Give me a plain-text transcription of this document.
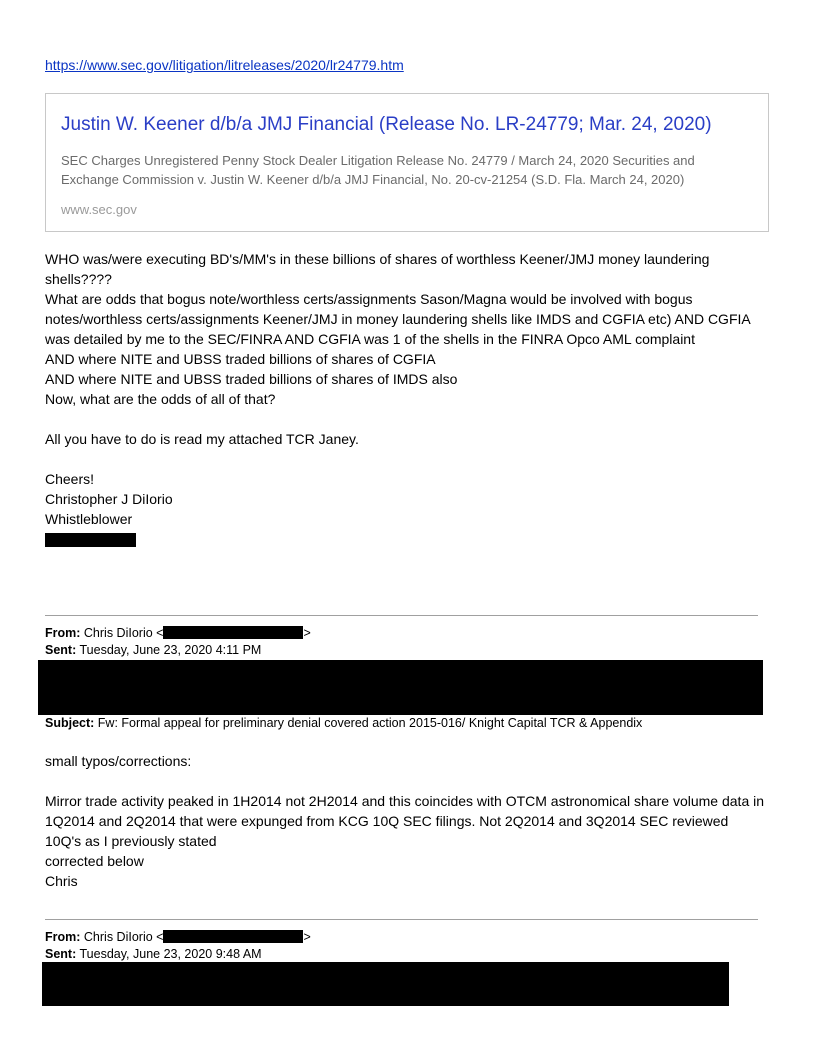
https://www.sec.gov/litigation/litreleases/2020/lr24779.htm
Justin W. Keener d/b/a JMJ Financial (Release No. LR-24779; Mar. 24, 2020)
SEC Charges Unregistered Penny Stock Dealer Litigation Release No. 24779 / March 24, 2020 Securities and Exchange Commission v. Justin W. Keener d/b/a JMJ Financial, No. 20-cv-21254 (S.D. Fla. March 24, 2020)
www.sec.gov
WHO was/were executing BD's/MM's in these billions of shares of worthless Keener/JMJ money laundering shells????
What are odds that bogus note/worthless certs/assignments Sason/Magna would be involved with bogus notes/worthless certs/assignments Keener/JMJ in money laundering shells like IMDS and CGFIA etc) AND CGFIA was detailed by me to the SEC/FINRA AND CGFIA was 1 of the shells in the FINRA Opco AML complaint
AND where NITE and UBSS traded billions of shares of CGFIA
AND where NITE and UBSS traded billions of shares of IMDS also
Now, what are the odds of all of that?
All you have to do is read my attached TCR Janey.
Cheers!
Christopher J DiIorio
Whistleblower
From: Chris DiIorio <	>
Sent: Tuesday, June 23, 2020 4:11 PM
Subject: Fw: Formal appeal for preliminary denial covered action 2015-016/ Knight Capital TCR & Appendix
small typos/corrections:
Mirror trade activity peaked in 1H2014 not 2H2014 and this coincides with OTCM astronomical share volume data in 1Q2014 and 2Q2014 that were expunged from KCG 10Q SEC filings. Not 2Q2014 and 3Q2014 SEC reviewed 10Q's as I previously stated
corrected below
Chris
From: Chris DiIorio <	>
Sent: Tuesday, June 23, 2020 9:48 AM
